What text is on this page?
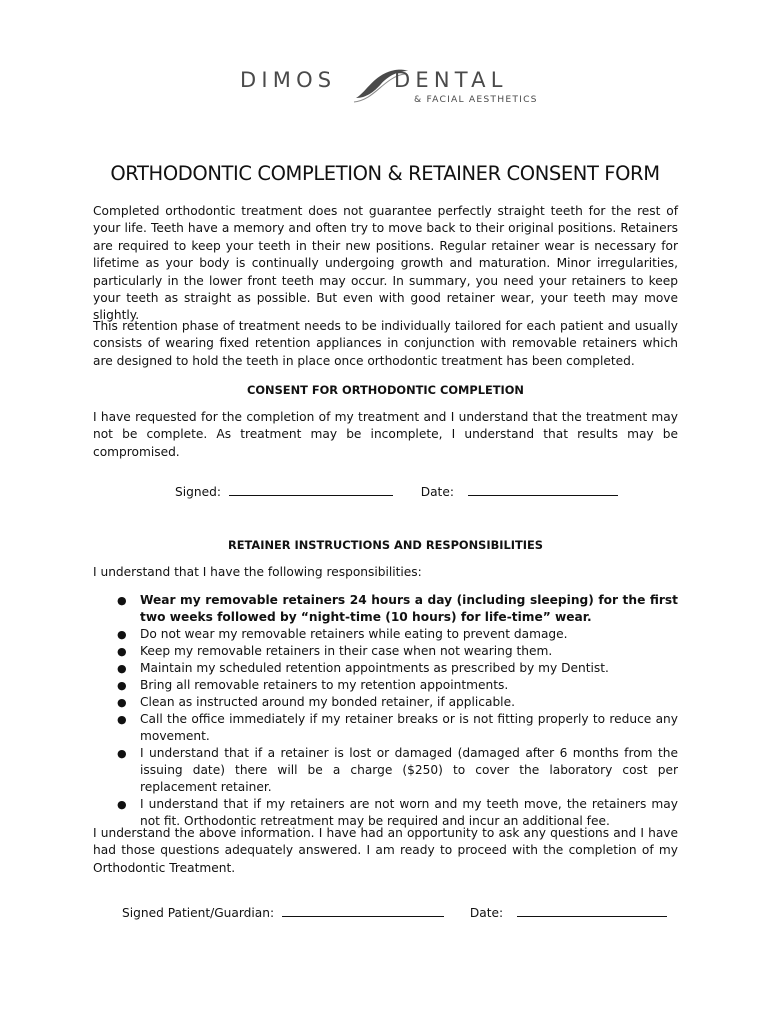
DIMOS	DENTAL
& FACIAL AESTHETICS
ORTHODONTIC COMPLETION & RETAINER CONSENT FORM

Completed orthodontic treatment does not guarantee perfectly straight teeth for the rest of your life. Teeth have a memory and often try to move back to their original positions. Retainers are required to keep your teeth in their new positions. Regular retainer wear is necessary for lifetime as your body is continually undergoing growth and maturation. Minor irregularities, particularly in the lower front teeth may occur. In summary, you need your retainers to keep your teeth as straight as possible. But even with good retainer wear, your teeth may move slightly.

This retention phase of treatment needs to be individually tailored for each patient and usually consists of wearing fixed retention appliances in conjunction with removable retainers which are designed to hold the teeth in place once orthodontic treatment has been completed.

CONSENT FOR ORTHODONTIC COMPLETION

I have requested for the completion of my treatment and I understand that the treatment may not be complete. As treatment may be incomplete, I understand that results may be compromised.

Signed:	Date:

RETAINER INSTRUCTIONS AND RESPONSIBILITIES

I understand that I have the following responsibilities:

● Wear my removable retainers 24 hours a day (including sleeping) for the first two weeks followed by “night-time (10 hours) for life-time” wear.
● Do not wear my removable retainers while eating to prevent damage.
● Keep my removable retainers in their case when not wearing them.
● Maintain my scheduled retention appointments as prescribed by my Dentist.
● Bring all removable retainers to my retention appointments.
● Clean as instructed around my bonded retainer, if applicable.
● Call the office immediately if my retainer breaks or is not fitting properly to reduce any movement.
● I understand that if a retainer is lost or damaged (damaged after 6 months from the issuing date) there will be a charge ($250) to cover the laboratory cost per replacement retainer.
● I understand that if my retainers are not worn and my teeth move, the retainers may not fit. Orthodontic retreatment may be required and incur an additional fee.

I understand the above information. I have had an opportunity to ask any questions and I have had those questions adequately answered. I am ready to proceed with the completion of my Orthodontic Treatment.

Signed Patient/Guardian:	Date:
